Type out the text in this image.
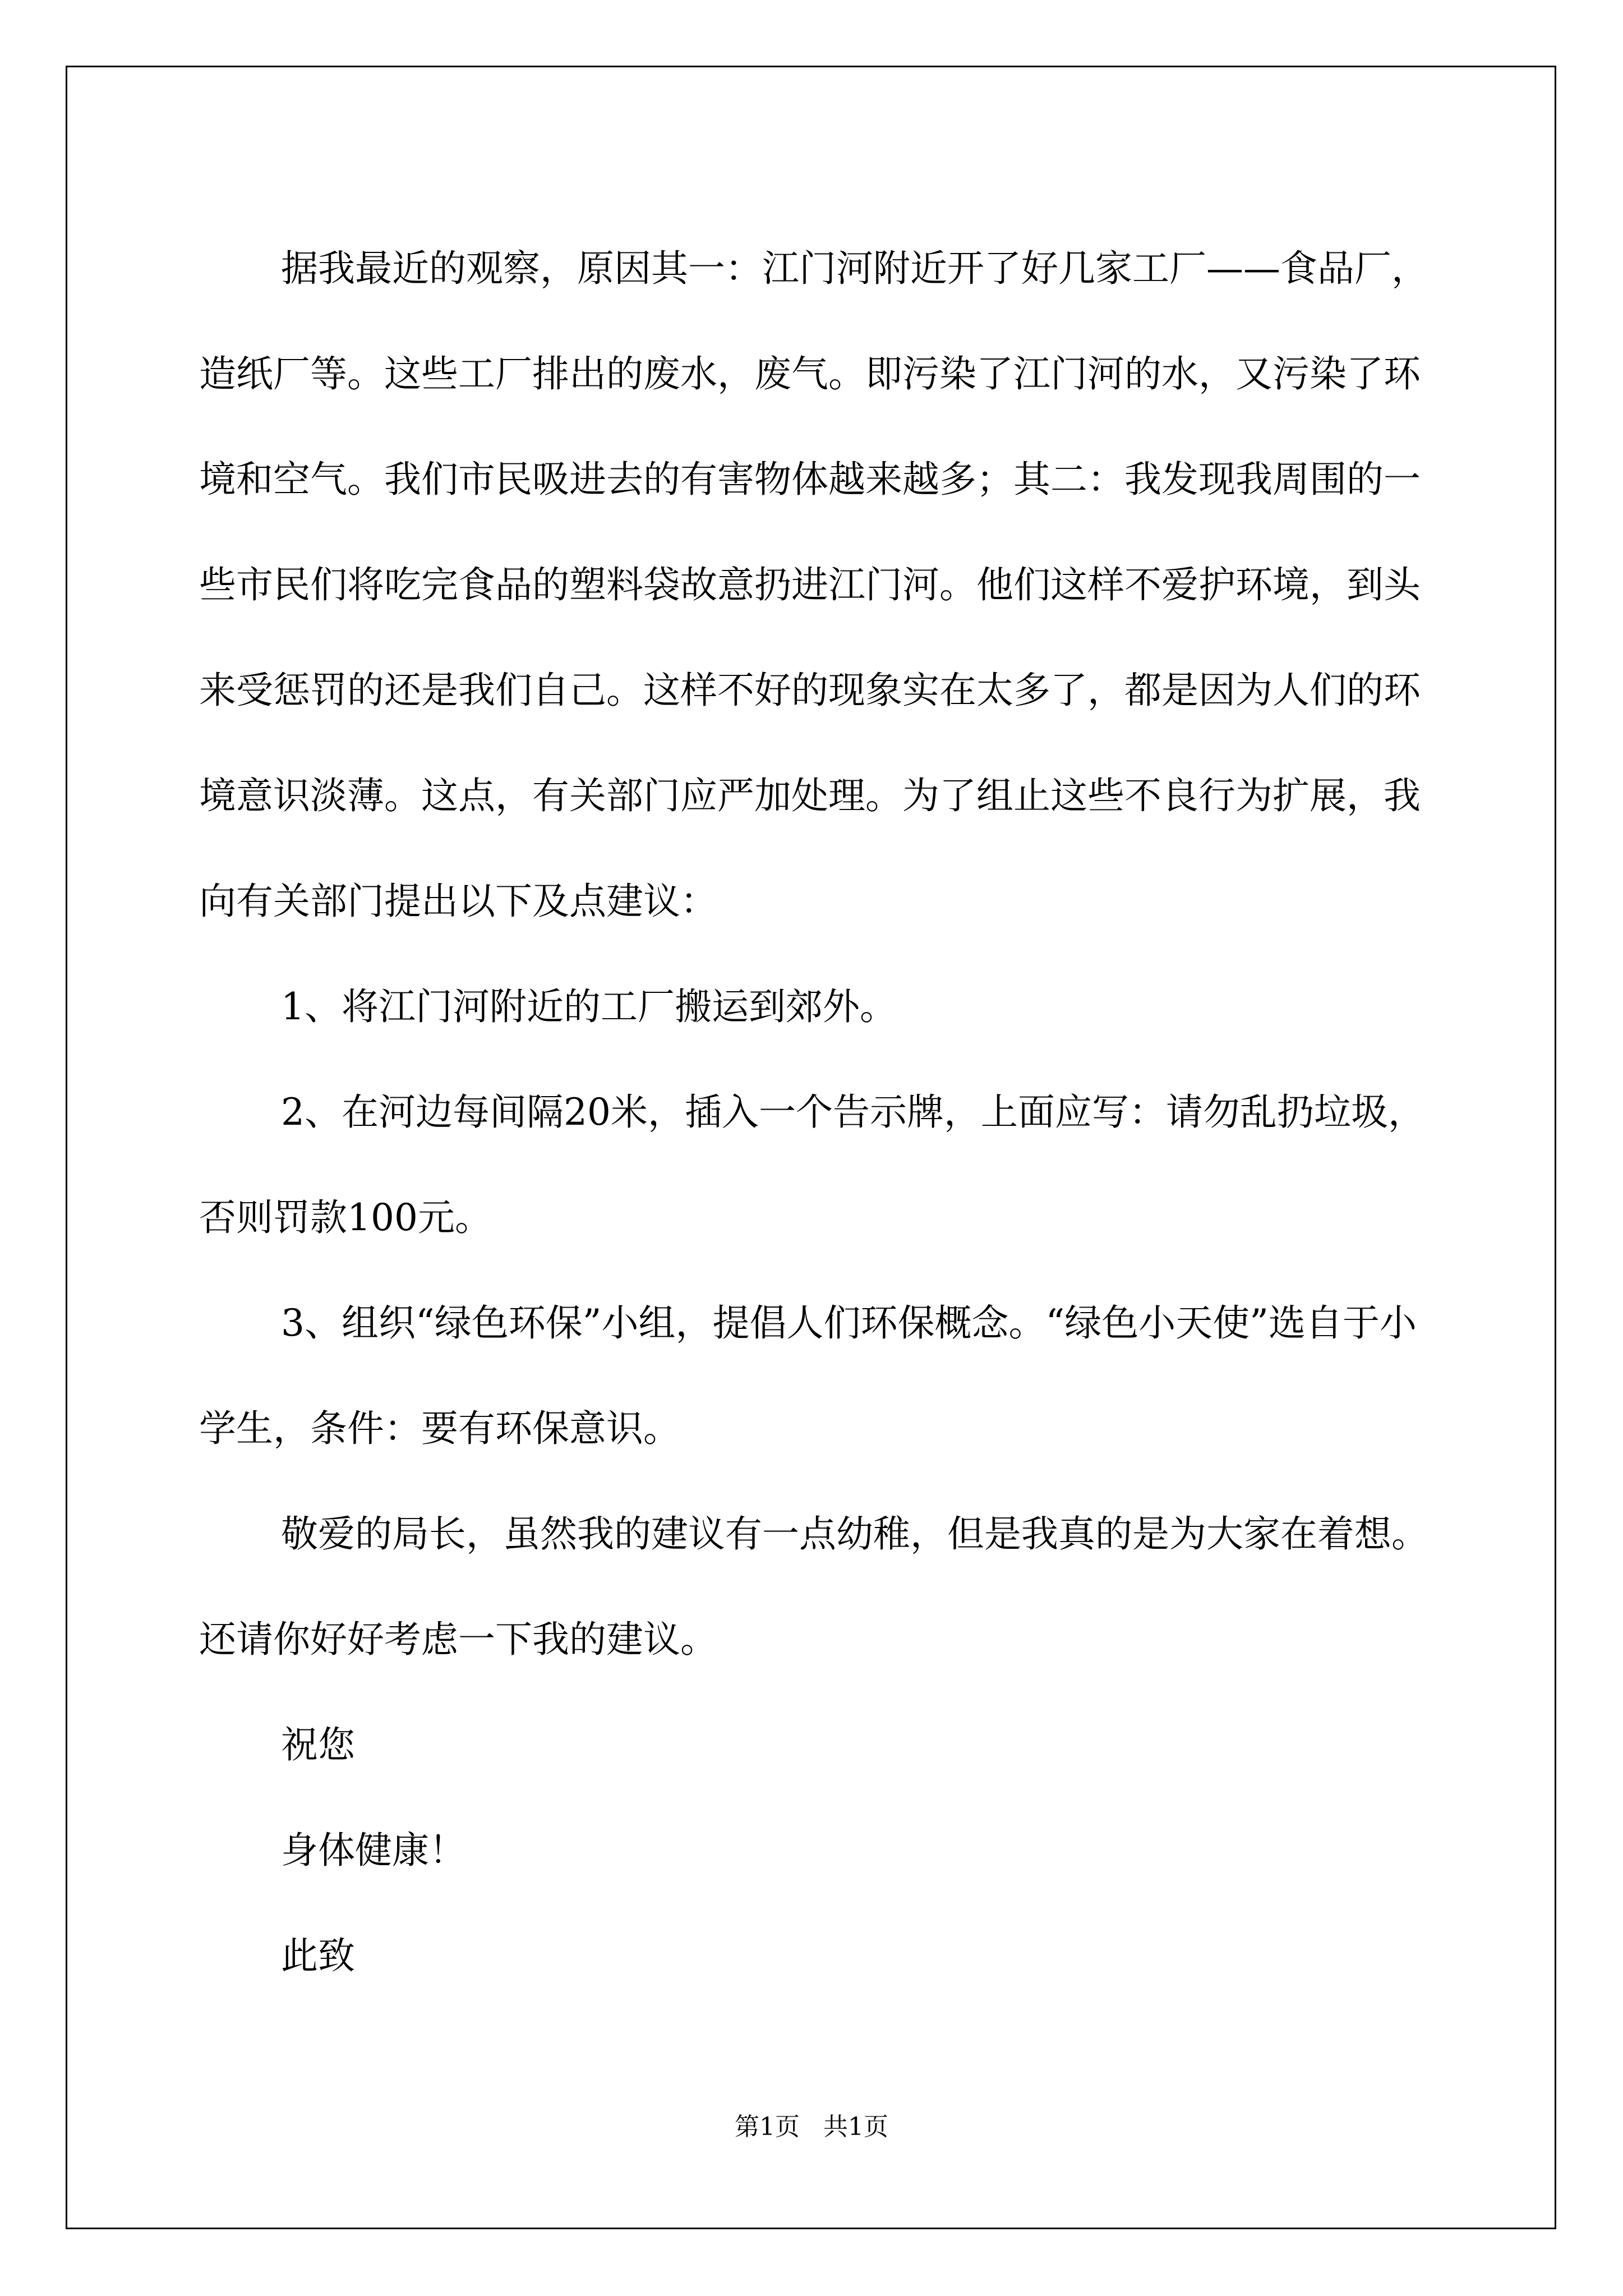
据我最近的观察，原因其一：江门河附近开了好几家工厂——食品厂，造纸厂等。这些工厂排出的废水，废气。即污染了江门河的水，又污染了环境和空气。我们市民吸进去的有害物体越来越多；其二：我发现我周围的一些市民们将吃完食品的塑料袋故意扔进江门河。他们这样不爱护环境，到头来受惩罚的还是我们自己。这样不好的现象实在太多了，都是因为人们的环境意识淡薄。这点，有关部门应严加处理。为了组止这些不良行为扩展，我向有关部门提出以下及点建议：

1、将江门河附近的工厂搬运到郊外。

2、在河边每间隔20米，插入一个告示牌，上面应写：请勿乱扔垃圾，否则罚款100元。

3、组织“绿色环保”小组，提倡人们环保概念。“绿色小天使”选自于小学生，条件：要有环保意识。

敬爱的局长，虽然我的建议有一点幼稚，但是我真的是为大家在着想。还请你好好考虑一下我的建议。

祝您

身体健康！

此致

第1页   共1页
